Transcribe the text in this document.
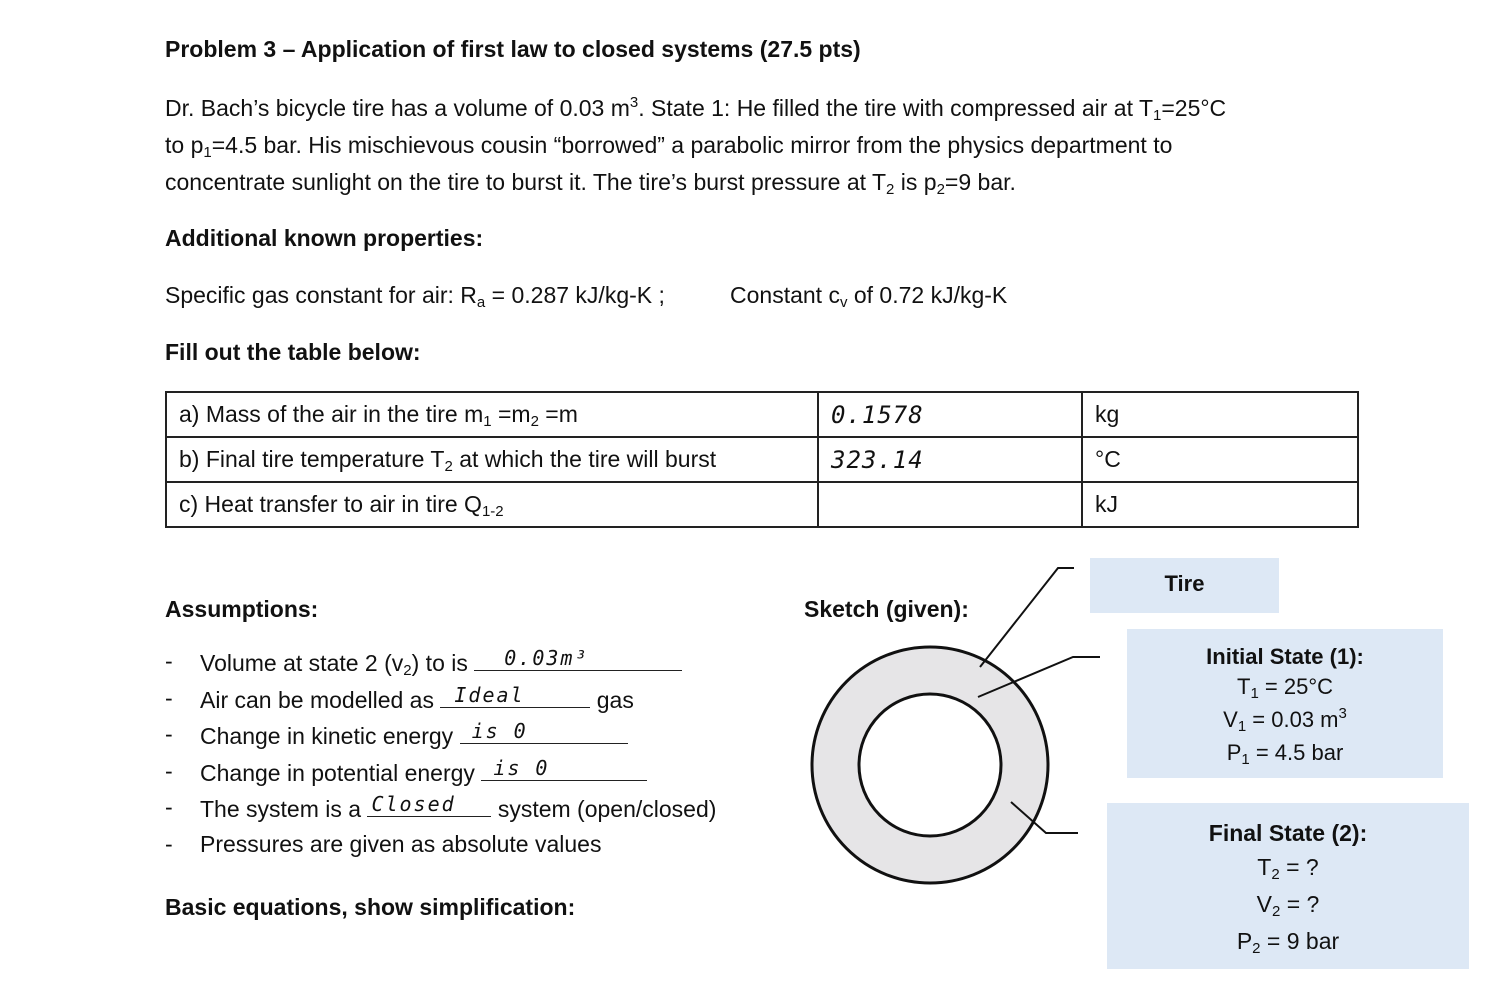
Problem 3 – Application of first law to closed systems (27.5 pts)

Dr. Bach’s bicycle tire has a volume of 0.03 $m^3$. State 1: He filled the tire with compressed air at $T_1=25^\circ C$

to $p_1=4.5$ bar. His mischievous cousin “borrowed” a parabolic mirror from the physics department to

concentrate sunlight on the tire to burst it. The tire’s burst pressure at $T_2$ is $p_2=9$ bar.

Additional known properties:
Specific gas constant for air: $R_a = 0.287$ kJ/kg-K ;	Constant $c_v$ of 0.72 kJ/kg-K
Fill out the table below:
a) Mass of the air in the tire $m_1 =m_2 =m$	0.1578	kg
b) Final tire temperature $T_2$ at which the tire will burst	323.14	°C
c) Heat transfer to air in tire $Q_{1-2}$		kJ
Assumptions:
- Volume at state 2 $(v_2)$ to is 0.03m³
- Air can be modelled as Ideal	gas
- Change in kinetic energy is 0
- Change in potential energy is 0
- The system is a Closed system (open/closed)
- Pressures are given as absolute values
Basic equations, show simplification:
Sketch (given):
Tire
Initial State (1):
$T_1 = 25^\circ C$
$V_1 = 0.03$ $m^3$
$P_1 = 4.5$ bar
Final State (2):
$T_2$ = ?
$V_2$ = ?
$P_2 = 9$ bar
